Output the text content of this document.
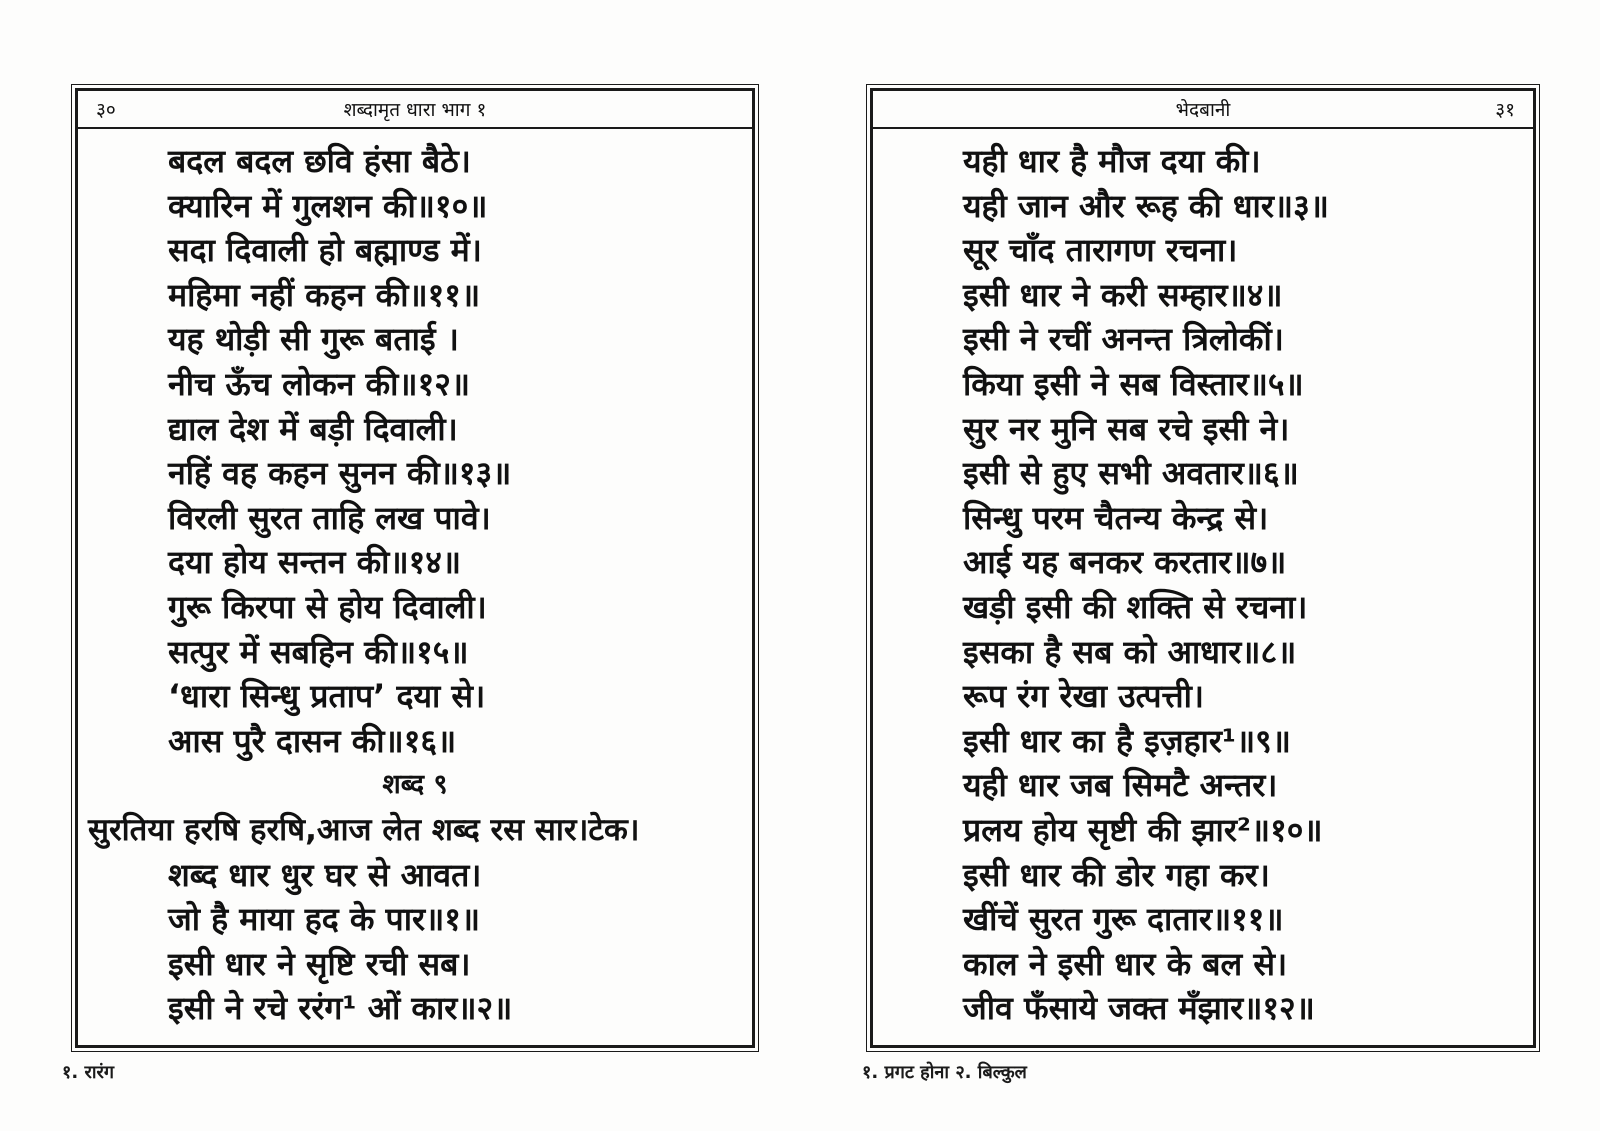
३०	शब्दामृत धारा भाग १
बदल बदल छवि हंसा बैठे।
क्यारिन में गुलशन की॥१०॥
सदा दिवाली हो बह्माण्ड में।
महिमा नहीं कहन की॥११॥
यह थोड़ी सी गुरू बताई ।
नीच ऊँच लोकन की॥१२॥
द्याल देश में बड़ी दिवाली।
नहिं वह कहन सुनन की॥१३॥
विरली सुरत ताहि लख पावे।
दया होय सन्तन की॥१४॥
गुरू किरपा से होय दिवाली।
सत्पुर में सबहिन की॥१५॥
‘धारा सिन्धु प्रताप’ दया से।
आस पुरै दासन की॥१६॥
शब्द ९
सुरतिया हरषि हरषि,आज लेत शब्द रस सार।टेक।
शब्द धार धुर घर से आवत।
जो है माया हद के पार॥१॥
इसी धार ने सृष्टि रची सब।
इसी ने रचे ररंग¹ ओं कार॥२॥
भेदबानी	३१
यही धार है मौज दया की।
यही जान और रूह की धार॥३॥
सूर चाँद तारागण रचना।
इसी धार ने करी सम्हार॥४॥
इसी ने रचीं अनन्त त्रिलोकीं।
किया इसी ने सब विस्तार॥५॥
सुर नर मुनि सब रचे इसी ने।
इसी से हुए सभी अवतार॥६॥
सिन्धु परम चैतन्य केन्द्र से।
आई यह बनकर करतार॥७॥
खड़ी इसी की शक्ति से रचना।
इसका है सब को आधार॥८॥
रूप रंग रेखा उत्पत्ती।
इसी धार का है इज़हार¹॥९॥
यही धार जब सिमटै अन्तर।
प्रलय होय सृष्टी की झार²॥१०॥
इसी धार की डोर गहा कर।
खींचें सुरत गुरू दातार॥११॥
काल ने इसी धार के बल से।
जीव फँसाये जक्त मँझार॥१२॥
१. रारंग	१. प्रगट होना २. बिल्कुल
